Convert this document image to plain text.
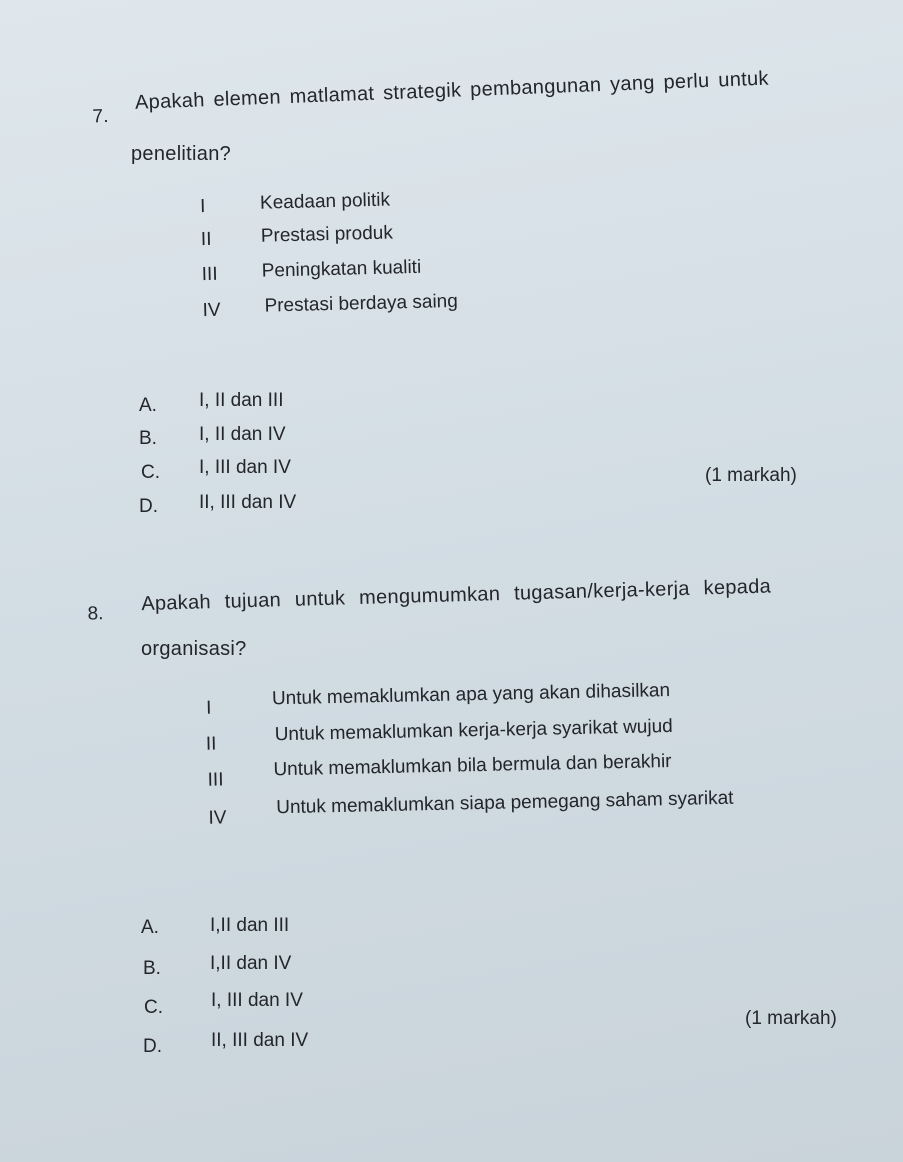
7.
Apakah elemen matlamat strategik pembangunan yang perlu untuk
penelitian?
I	Keadaan politik
II	Prestasi produk
III Peningkatan kualiti
IV Prestasi berdaya saing
A. I, II dan III
B. I, II dan IV
C. I, III dan IV	(1 markah)
D. II, III dan IV
8. Apakah tujuan untuk mengumumkan tugasan/kerja-kerja kepada
organisasi?
I	Untuk memaklumkan apa yang akan dihasilkan
II	Untuk memaklumkan kerja-kerja syarikat wujud
III	Untuk memaklumkan bila bermula dan berakhir
IV	Untuk memaklumkan siapa pemegang saham syarikat
A.	I,II dan III
B.	I,II dan IV
C.	I, III dan IV
(1 markah)
D.	II, III dan IV
